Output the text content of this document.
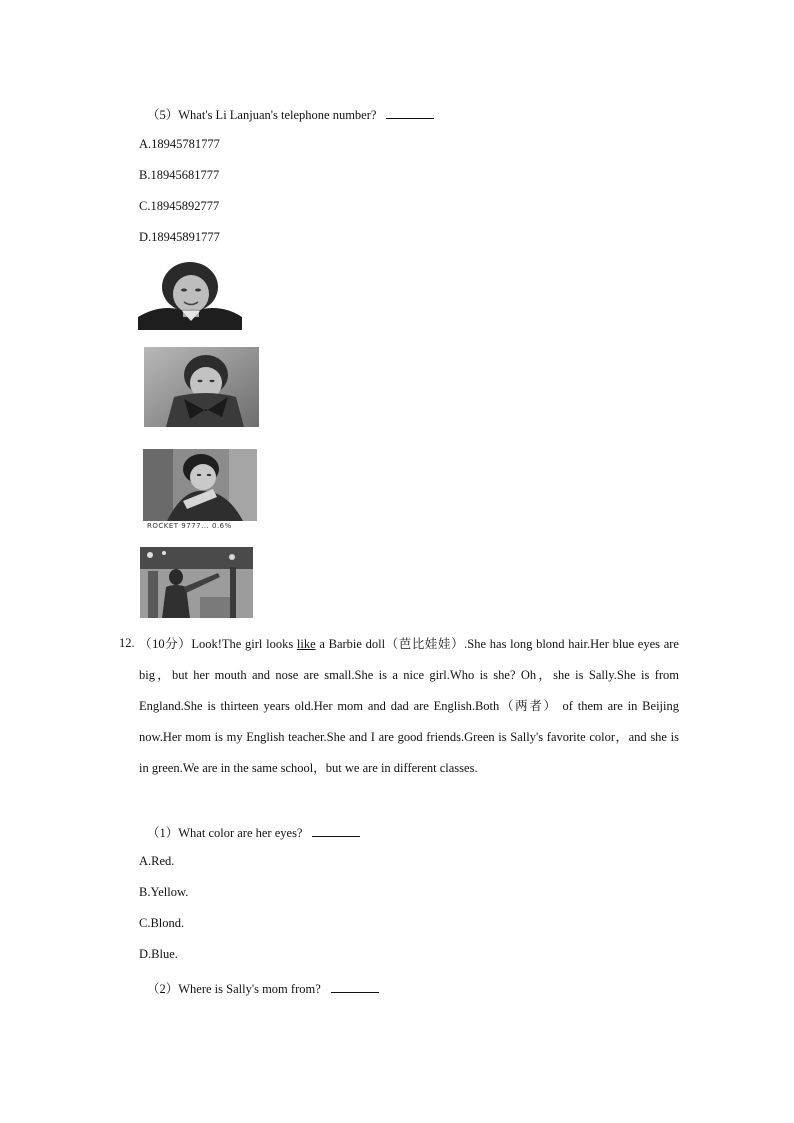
（5）What's Li Lanjuan's telephone number?
A.18945781777
B.18945681777
C.18945892777
D.18945891777
ROCKET 9777... 0.6%
12. （10分）Look!The girl looks like a Barbie doll（芭比娃娃）.She has long blond hair.Her blue eyes are big，but her mouth and nose are small.She is a nice girl.Who is she? Oh，she is Sally.She is from England.She is thirteen years old.Her mom and dad are English.Both（两者） of them are in Beijing now.Her mom is my English teacher.She and I are good friends.Green is Sally's favorite color，and she is in green.We are in the same school，but we are in different classes.
（1）What color are her eyes?
A.Red.
B.Yellow.
C.Blond.
D.Blue.
（2）Where is Sally's mom from?
